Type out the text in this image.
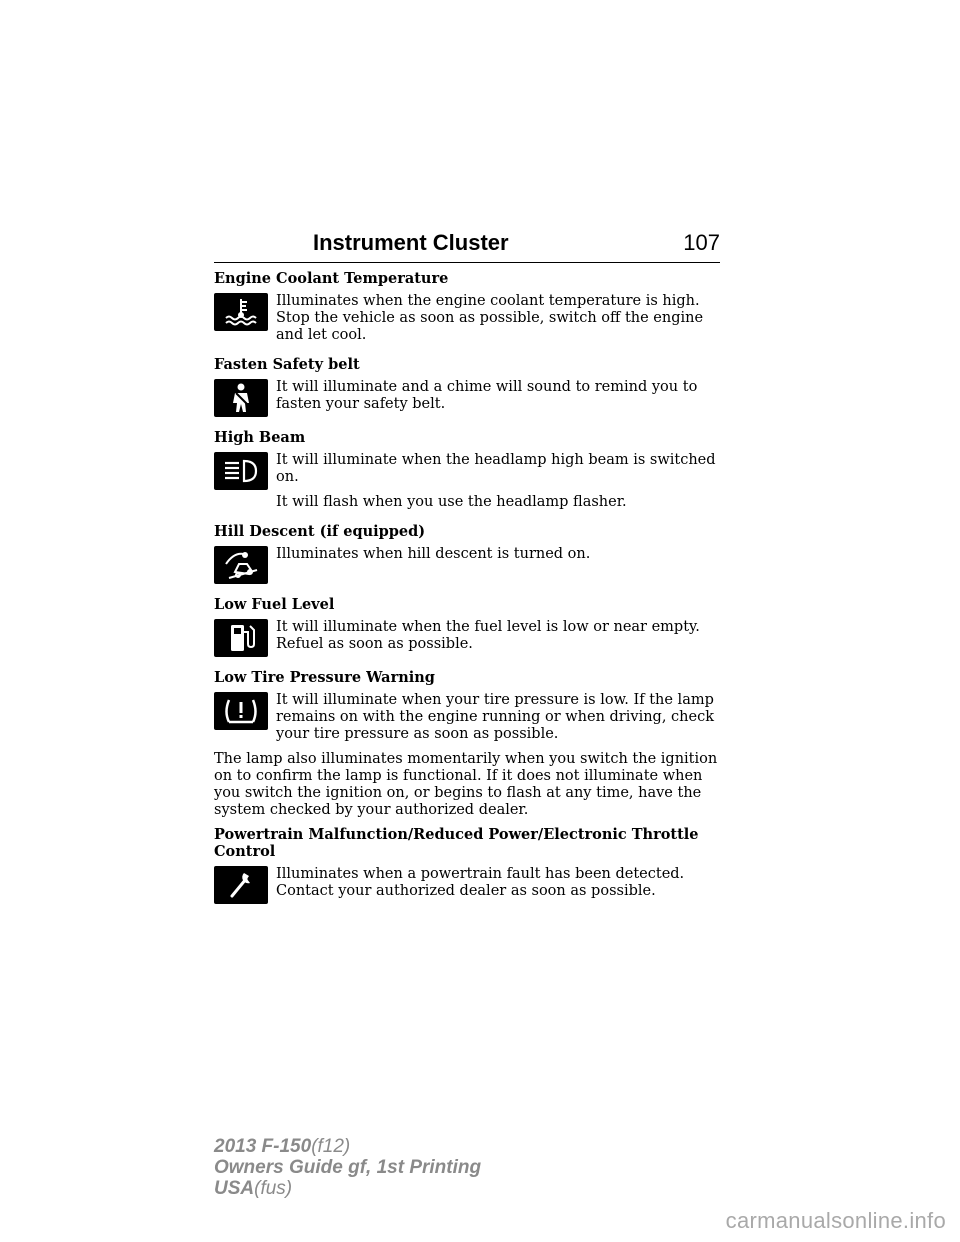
Instrument Cluster	107

Engine Coolant Temperature

Illuminates when the engine coolant temperature is high. Stop the vehicle as soon as possible, switch off the engine and let cool.

Fasten Safety belt

It will illuminate and a chime will sound to remind you to fasten your safety belt.

High Beam

It will illuminate when the headlamp high beam is switched on.

It will flash when you use the headlamp flasher.

Hill Descent (if equipped)

Illuminates when hill descent is turned on.

Low Fuel Level

It will illuminate when the fuel level is low or near empty. Refuel as soon as possible.

Low Tire Pressure Warning

It will illuminate when your tire pressure is low. If the lamp remains on with the engine running or when driving, check your tire pressure as soon as possible.

The lamp also illuminates momentarily when you switch the ignition on to confirm the lamp is functional. If it does not illuminate when you switch the ignition on, or begins to flash at any time, have the system checked by your authorized dealer.

Powertrain Malfunction/Reduced Power/Electronic Throttle Control

Illuminates when a powertrain fault has been detected. Contact your authorized dealer as soon as possible.

2013 F-150(f12)
Owners Guide gf, 1st Printing
USA(fus)
carmanualsonline.info
